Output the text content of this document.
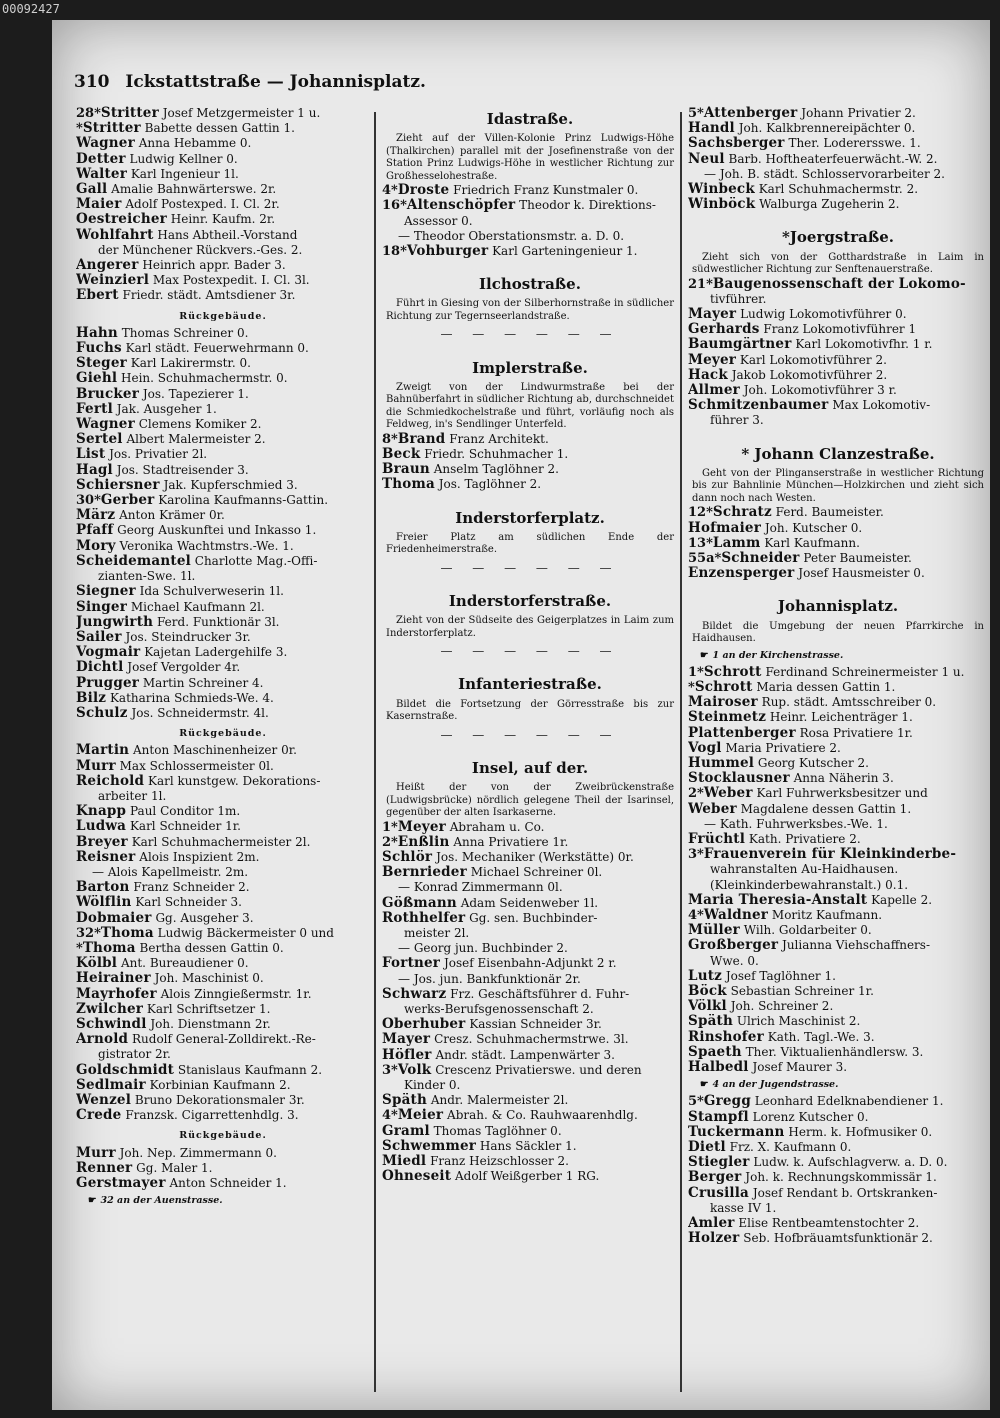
00092427
310 Ickstattstraße — Johannisplatz.
28*Stritter Josef Metzgermeister 1 u.
*Stritter Babette dessen Gattin 1.
Wagner Anna Hebamme 0.
Detter Ludwig Kellner 0.
Walter Karl Ingenieur 1l.
Gall Amalie Bahnwärterswe. 2r.
Maier Adolf Postexped. I. Cl. 2r.
Oestreicher Heinr. Kaufm. 2r.
Wohlfahrt Hans Abtheil.-Vorstand
der Münchener Rückvers.-Ges. 2.
Angerer Heinrich appr. Bader 3.
Weinzierl Max Postexpedit. I. Cl. 3l.
Ebert Friedr. städt. Amtsdiener 3r.
Rückgebäude.
Hahn Thomas Schreiner 0.
Fuchs Karl städt. Feuerwehrmann 0.
Steger Karl Lakirermstr. 0.
Giehl Hein. Schuhmachermstr. 0.
Brucker Jos. Tapezierer 1.
Fertl Jak. Ausgeher 1.
Wagner Clemens Komiker 2.
Sertel Albert Malermeister 2.
List Jos. Privatier 2l.
Hagl Jos. Stadtreisender 3.
Schiersner Jak. Kupferschmied 3.
30*Gerber Karolina Kaufmanns-Gattin.
März Anton Krämer 0r.
Pfaff Georg Auskunftei und Inkasso 1.
Mory Veronika Wachtmstrs.-We. 1.
Scheidemantel Charlotte Mag.-Offi-
zianten-Swe. 1l.
Siegner Ida Schulverweserin 1l.
Singer Michael Kaufmann 2l.
Jungwirth Ferd. Funktionär 3l.
Sailer Jos. Steindrucker 3r.
Vogmair Kajetan Ladergehilfe 3.
Dichtl Josef Vergolder 4r.
Prugger Martin Schreiner 4.
Bilz Katharina Schmieds-We. 4.
Schulz Jos. Schneidermstr. 4l.
Rückgebäude.
Martin Anton Maschinenheizer 0r.
Murr Max Schlossermeister 0l.
Reichold Karl kunstgew. Dekorations-
arbeiter 1l.
Knapp Paul Conditor 1m.
Ludwa Karl Schneider 1r.
Breyer Karl Schuhmachermeister 2l.
Reisner Alois Inspizient 2m.
— Alois Kapellmeistr. 2m.
Barton Franz Schneider 2.
Wölflin Karl Schneider 3.
Dobmaier Gg. Ausgeher 3.
32*Thoma Ludwig Bäckermeister 0 und
*Thoma Bertha dessen Gattin 0.
Kölbl Ant. Bureaudiener 0.
Heirainer Joh. Maschinist 0.
Mayrhofer Alois Zinngießermstr. 1r.
Zwilcher Karl Schriftsetzer 1.
Schwindl Joh. Dienstmann 2r.
Arnold Rudolf General-Zolldirekt.-Re-
gistrator 2r.
Goldschmidt Stanislaus Kaufmann 2.
Sedlmair Korbinian Kaufmann 2.
Wenzel Bruno Dekorationsmaler 3r.
Crede Franzsk. Cigarrettenhdlg. 3.
Rückgebäude.
Murr Joh. Nep. Zimmermann 0.
Renner Gg. Maler 1.
Gerstmayer Anton Schneider 1.
☛ 32 an der Auenstrasse.
Idastraße.
Zieht auf der Villen-Kolonie Prinz Ludwigs-Höhe (Thalkirchen) parallel mit der Josefinenstraße von der Station Prinz Ludwigs-Höhe in westlicher Richtung zur Großhesselohestraße.
4*Droste Friedrich Franz Kunstmaler 0.
16*Altenschöpfer Theodor k. Direktions-
Assessor 0.
— Theodor Oberstationsmstr. a. D. 0.
18*Vohburger Karl Garteningenieur 1.
Ilchostraße.
Führt in Giesing von der Silberhornstraße in südlicher Richtung zur Tegernseerlandstraße.
— — — — — —
Implerstraße.
Zweigt von der Lindwurmstraße bei der Bahnüberfahrt in südlicher Richtung ab, durchschneidet die Schmiedkochelstraße und führt, vorläufig noch als Feldweg, in's Sendlinger Unterfeld.
8*Brand Franz Architekt.
Beck Friedr. Schuhmacher 1.
Braun Anselm Taglöhner 2.
Thoma Jos. Taglöhner 2.
Inderstorferplatz.
Freier Platz am südlichen Ende der Friedenheimerstraße.
— — — — — —
Inderstorferstraße.
Zieht von der Südseite des Geigerplatzes in Laim zum Inderstorferplatz.
— — — — — —
Infanteriestraße.
Bildet die Fortsetzung der Görresstraße bis zur Kasernstraße.
— — — — — —
Insel, auf der.
Heißt der von der Zweibrückenstraße (Ludwigsbrücke) nördlich gelegene Theil der Isarinsel, gegenüber der alten Isarkaserne.
1*Meyer Abraham u. Co.
2*Enßlin Anna Privatiere 1r.
Schlör Jos. Mechaniker (Werkstätte) 0r.
Bernrieder Michael Schreiner 0l.
— Konrad Zimmermann 0l.
Gößmann Adam Seidenweber 1l.
Rothhelfer Gg. sen. Buchbinder-
meister 2l.
— Georg jun. Buchbinder 2.
Fortner Josef Eisenbahn-Adjunkt 2 r.
— Jos. jun. Bankfunktionär 2r.
Schwarz Frz. Geschäftsführer d. Fuhr-
werks-Berufsgenossenschaft 2.
Oberhuber Kassian Schneider 3r.
Mayer Cresz. Schuhmachermstrwe. 3l.
Höfler Andr. städt. Lampenwärter 3.
3*Volk Crescenz Privatierswe. und deren
Kinder 0.
Späth Andr. Malermeister 2l.
4*Meier Abrah. & Co. Rauhwaarenhdlg.
Graml Thomas Taglöhner 0.
Schwemmer Hans Säckler 1.
Miedl Franz Heizschlosser 2.
Ohneseit Adolf Weißgerber 1 RG.
5*Attenberger Johann Privatier 2.
Handl Joh. Kalkbrennereipächter 0.
Sachsberger Ther. Loderersswe. 1.
Neul Barb. Hoftheaterfeuerwächt.-W. 2.
— Joh. B. städt. Schlosservorarbeiter 2.
Winbeck Karl Schuhmachermstr. 2.
Winböck Walburga Zugeherin 2.
*Joergstraße.
Zieht sich von der Gotthardstraße in Laim in südwestlicher Richtung zur Senftenauerstraße.
21*Baugenossenschaft der Lokomo-
tivführer.
Mayer Ludwig Lokomotivführer 0.
Gerhards Franz Lokomotivführer 1
Baumgärtner Karl Lokomotivfhr. 1 r.
Meyer Karl Lokomotivführer 2.
Hack Jakob Lokomotivführer 2.
Allmer Joh. Lokomotivführer 3 r.
Schmitzenbaumer Max Lokomotiv-
führer 3.
* Johann Clanzestraße.
Geht von der Plinganserstraße in westlicher Richtung bis zur Bahnlinie München—Holzkirchen und zieht sich dann noch nach Westen.
12*Schratz Ferd. Baumeister.
Hofmaier Joh. Kutscher 0.
13*Lamm Karl Kaufmann.
55a*Schneider Peter Baumeister.
Enzensperger Josef Hausmeister 0.
Johannisplatz.
Bildet die Umgebung der neuen Pfarrkirche in Haidhausen.
☛ 1 an der Kirchenstrasse.
1*Schrott Ferdinand Schreinermeister 1 u.
*Schrott Maria dessen Gattin 1.
Mairoser Rup. städt. Amtsschreiber 0.
Steinmetz Heinr. Leichenträger 1.
Plattenberger Rosa Privatiere 1r.
Vogl Maria Privatiere 2.
Hummel Georg Kutscher 2.
Stocklausner Anna Näherin 3.
2*Weber Karl Fuhrwerksbesitzer und
Weber Magdalene dessen Gattin 1.
— Kath. Fuhrwerksbes.-We. 1.
Früchtl Kath. Privatiere 2.
3*Frauenverein für Kleinkinderbe-
wahranstalten Au-Haidhausen.
(Kleinkinderbewahranstalt.) 0.1.
Maria Theresia-Anstalt Kapelle 2.
4*Waldner Moritz Kaufmann.
Müller Wilh. Goldarbeiter 0.
Großberger Julianna Viehschaffners-
Wwe. 0.
Lutz Josef Taglöhner 1.
Böck Sebastian Schreiner 1r.
Völkl Joh. Schreiner 2.
Späth Ulrich Maschinist 2.
Rinshofer Kath. Tagl.-We. 3.
Spaeth Ther. Viktualienhändlersw. 3.
Halbedl Josef Maurer 3.
☛ 4 an der Jugendstrasse.
5*Gregg Leonhard Edelknabendiener 1.
Stampfl Lorenz Kutscher 0.
Tuckermann Herm. k. Hofmusiker 0.
Dietl Frz. X. Kaufmann 0.
Stiegler Ludw. k. Aufschlagverw. a. D. 0.
Berger Joh. k. Rechnungskommissär 1.
Crusilla Josef Rendant b. Ortskranken-
kasse IV 1.
Amler Elise Rentbeamtenstochter 2.
Holzer Seb. Hofbräuamtsfunktionär 2.
